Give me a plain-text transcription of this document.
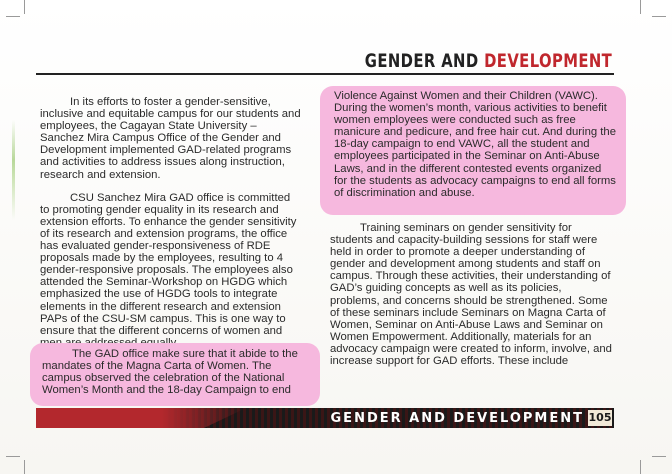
GENDER AND DEVELOPMENT

In its efforts to foster a gender-sensitive, inclusive and equitable campus for our students and employees, the Cagayan State University – Sanchez Mira Campus Office of the Gender and Development implemented GAD-related programs and activities to address issues along instruction, research and extension.

CSU Sanchez Mira GAD office is committed to promoting gender equality in its research and extension efforts. To enhance the gender sensitivity of its research and extension programs, the office has evaluated gender-responsiveness of RDE proposals made by the employees, resulting to 4 gender-responsive proposals. The employees also attended the Seminar-Workshop on HGDG which emphasized the use of HGDG tools to integrate elements in the different research and extension PAPs of the CSU-SM campus. This is one way to ensure that the different concerns of women and

The GAD office make sure that it abide to the mandates of the Magna Carta of Women. The campus observed the celebration of the National Women’s Month and the 18-day Campaign to end

Violence Against Women and their Children (VAWC). During the women’s month, various activities to benefit women employees were conducted such as free manicure and pedicure, and free hair cut. And during the 18-day campaign to end VAWC, all the student and employees participated in the Seminar on Anti-Abuse Laws, and in the different contested events organized for the students as advocacy campaigns to end all forms of discrimination and abuse.

Training seminars on gender sensitivity for students and capacity-building sessions for staff were held in order to promote a deeper understanding of gender and development among students and staff on campus. Through these activities, their understanding of GAD’s guiding concepts as well as its policies, problems, and concerns should be strengthened. Some of these seminars include Seminars on Magna Carta of Women, Seminar on Anti-Abuse Laws and Seminar on Women Empowerment. Additionally, materials for an advocacy campaign were created to inform, involve, and increase support for GAD efforts. These include

GENDER AND DEVELOPMENT 105
